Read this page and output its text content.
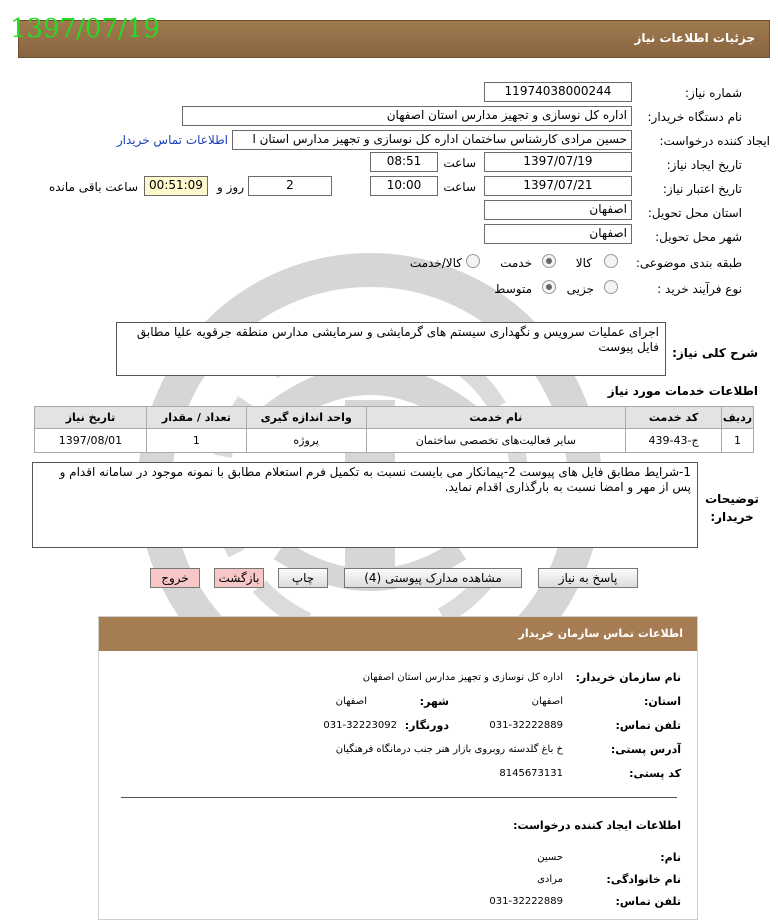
1397/07/19	جزئیات اطلاعات نیاز
شماره نیاز:
11974038000244
نام دستگاه خریدار:
اداره کل نوسازی و تجهیز مدارس استان اصفهان
ایجاد کننده درخواست:
حسین مرادی کارشناس ساختمان اداره کل نوسازی و تجهیز مدارس استان ا
اطلاعات تماس خریدار
تاریخ ایجاد نیاز:
1397/07/19
ساعت
08:51
تاریخ اعتبار نیاز:
1397/07/21
ساعت
10:00
2
روز و
00:51:09
ساعت باقی مانده
استان محل تحویل:
اصفهان
شهر محل تحویل:
اصفهان
طبقه بندی موضوعی:
کالا
خدمت
کالا/خدمت
نوع فرآیند خرید :
جزیی
متوسط
شرح کلی نیاز:
اجرای عملیات سرویس و نگهداری سیستم های گرمایشی و سرمایشی مدارس منطقه جرقویه علیا مطابق فایل پیوست
اطلاعات خدمات مورد نیاز
ردیف	کد خدمت	نام خدمت	واحد اندازه گیری	تعداد / مقدار	تاریخ نیاز
1	ج-43-439	سایر فعالیت‌های تخصصی ساختمان	پروژه	1	1397/08/01
توضیحات خریدار:
1-شرایط مطابق فایل های پیوست 2-پیمانکار می بایست نسبت به تکمیل فرم استعلام مطابق با نمونه موجود در سامانه اقدام و پس از مهر و امضا نسبت به بارگذاری اقدام نماید.
پاسخ به نیاز
مشاهده مدارک پیوستی (4)
چاپ
بازگشت
خروج
اطلاعات تماس سازمان خریدار
نام سازمان خریدار:
اداره کل نوسازی و تجهیز مدارس استان اصفهان
استان:
اصفهان
شهر:
اصفهان
تلفن تماس:
031-32222889
دورنگار:
031-32223092
آدرس پستی:
خ باغ گلدسته روبروی بازار هنر جنب درمانگاه فرهنگیان
کد پستی:
8145673131
اطلاعات ایجاد کننده درخواست:
نام:
حسین
نام خانوادگی:
مرادی
تلفن تماس:
031-32222889
